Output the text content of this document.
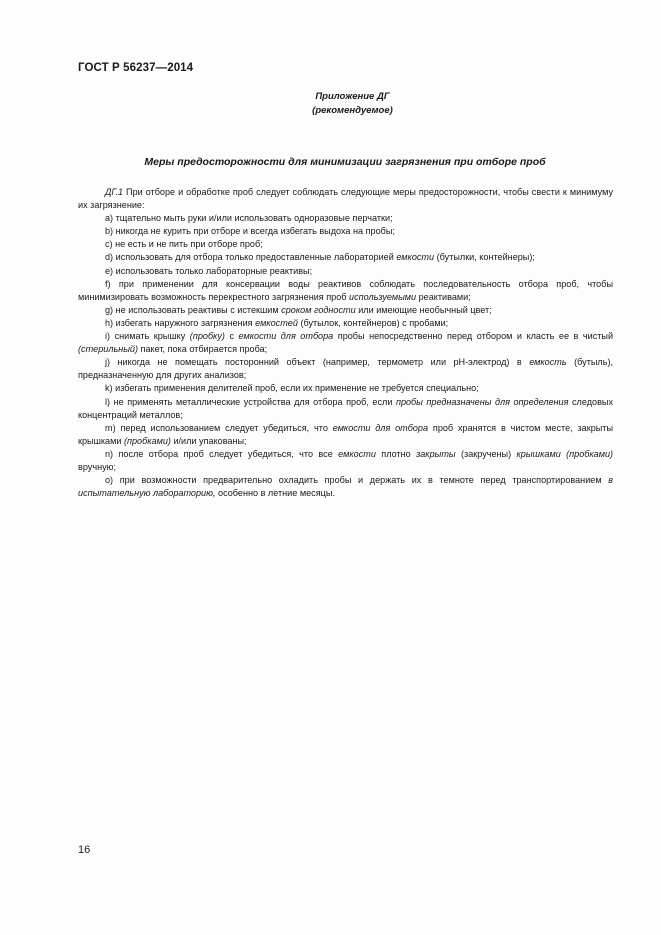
ГОСТ Р 56237—2014
Приложение ДГ
(рекомендуемое)
Меры предосторожности для минимизации загрязнения при отборе проб

ДГ.1 При отборе и обработке проб следует соблюдать следующие меры предосторожности, чтобы свести к минимуму их загрязнение:

а) тщательно мыть руки и/или использовать одноразовые перчатки;

b) никогда не курить при отборе и всегда избегать выдоха на пробы;

с) не есть и не пить при отборе проб;

d) использовать для отбора только предоставленные лабораторией емкости (бутылки, контейнеры);

е) использовать только лабораторные реактивы;

f) при применении для консервации воды реактивов соблюдать последовательность отбора проб, чтобы минимизировать возможность перекрестного загрязнения проб используемыми реактивами;

g) не использовать реактивы с истекшим сроком годности или имеющие необычный цвет;

h) избегать наружного загрязнения емкостей (бутылок, контейнеров) с пробами;

i) снимать крышку (пробку) с емкости для отбора пробы непосредственно перед отбором и класть ее в чистый (стерильный) пакет, пока отбирается проба;

j) никогда не помещать посторонний объект (например, термометр или pH-электрод) в емкость (бутыль), предназначенную для других анализов;

k) избегать применения делителей проб, если их применение не требуется специально;

l) не применять металлические устройства для отбора проб, если пробы предназначены для определения следовых концентраций металлов;

m) перед использованием следует убедиться, что емкости для отбора проб хранятся в чистом месте, закрыты крышками (пробками) и/или упакованы;

n) после отбора проб следует убедиться, что все емкости плотно закрыты (закручены) крышками (пробками) вручную;

о) при возможности предварительно охладить пробы и держать их в темноте перед транспортированием в испытательную лабораторию, особенно в летние месяцы.

16
